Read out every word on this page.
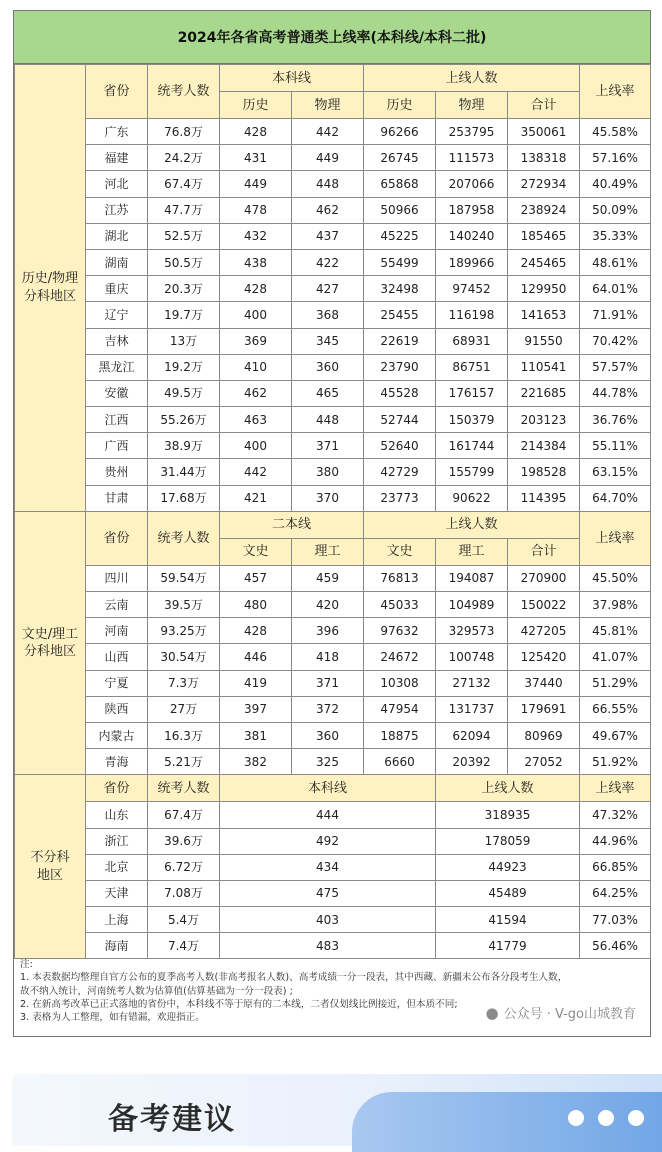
2024年各省高考普通类上线率(本科线/本科二批)
历史/物理
分科地区	省份	统考人数	本科线		上线人数			上线率
			历史	物理	历史	物理	合计	
	广东	76.8万	428	442	96266	253795	350061	45.58%
	福建	24.2万	431	449	26745	111573	138318	57.16%
	河北	67.4万	449	448	65868	207066	272934	40.49%
	江苏	47.7万	478	462	50966	187958	238924	50.09%
	湖北	52.5万	432	437	45225	140240	185465	35.33%
	湖南	50.5万	438	422	55499	189966	245465	48.61%
	重庆	20.3万	428	427	32498	97452	129950	64.01%
	辽宁	19.7万	400	368	25455	116198	141653	71.91%
	吉林	13万	369	345	22619	68931	91550	70.42%
	黑龙江	19.2万	410	360	23790	86751	110541	57.57%
	安徽	49.5万	462	465	45528	176157	221685	44.78%
	江西	55.26万	463	448	52744	150379	203123	36.76%
	广西	38.9万	400	371	52640	161744	214384	55.11%
	贵州	31.44万	442	380	42729	155799	198528	63.15%
	甘肃	17.68万	421	370	23773	90622	114395	64.70%
文史/理工
分科地区	省份	统考人数	二本线		上线人数			上线率
			文史	理工	文史	理工	合计	
	四川	59.54万	457	459	76813	194087	270900	45.50%
	云南	39.5万	480	420	45033	104989	150022	37.98%
	河南	93.25万	428	396	97632	329573	427205	45.81%
	山西	30.54万	446	418	24672	100748	125420	41.07%
	宁夏	7.3万	419	371	10308	27132	37440	51.29%
	陕西	27万	397	372	47954	131737	179691	66.55%
	内蒙古	16.3万	381	360	18875	62094	80969	49.67%
	青海	5.21万	382	325	6660	20392	27052	51.92%
不分科
地区	省份	统考人数	本科线			上线人数		上线率
	山东	67.4万	444			318935		47.32%
	浙江	39.6万	492			178059		44.96%
	北京	6.72万	434			44923		66.85%
	天津	7.08万	475			45489		64.25%
	上海	5.4万	403			41594		77.03%
	海南	7.4万	483			41779		56.46%
注:
1. 本表数据均整理自官方公布的夏季高考人数(非高考报名人数)、高考成绩一分一段表，其中西藏、新疆未公布各分段考生人数，
故不纳入统计，河南统考人数为估算值(估算基础为一分一段表) ;
2. 在新高考改革已正式落地的省份中，本科线不等于原有的二本线，二者仅划线比例接近，但本质不同;
3. 表格为人工整理，如有错漏，欢迎指正。	● 公众号 · V-go山城教育
备考建议
